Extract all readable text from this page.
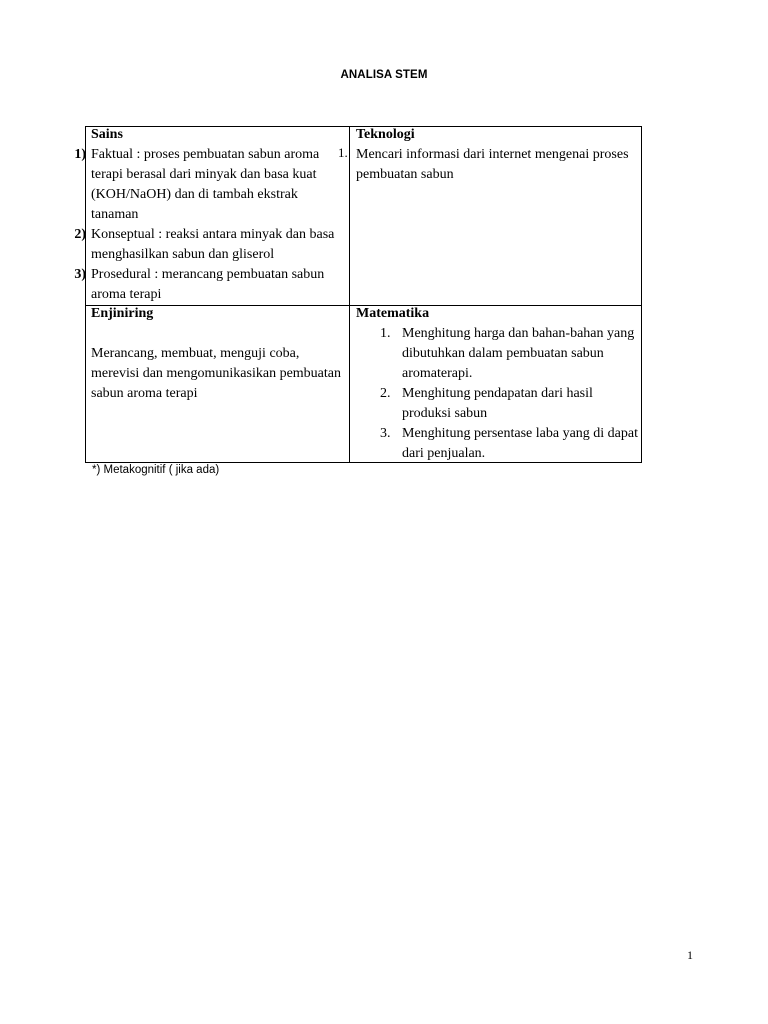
ANALISA STEM

Sains

1.
1) Faktual : proses pembuatan sabun aroma terapi berasal dari minyak dan basa kuat (KOH/NaOH) dan di tambah ekstrak tanaman
2) Konseptual : reaksi antara minyak dan basa menghasilkan sabun dan gliserol
3) Prosedural : merancang pembuatan sabun aroma terapi

Teknologi

Mencari informasi dari internet mengenai proses pembuatan sabun

Enjiniring

Merancang, membuat, menguji coba, merevisi dan mengomunikasikan pembuatan sabun aroma terapi

Matematika

1. Menghitung harga dan bahan-bahan yang dibutuhkan dalam pembuatan sabun aromaterapi.
2. Menghitung pendapatan dari hasil produksi sabun
3. Menghitung persentase laba yang di dapat dari penjualan.
*) Metakognitif ( jika ada)
1
